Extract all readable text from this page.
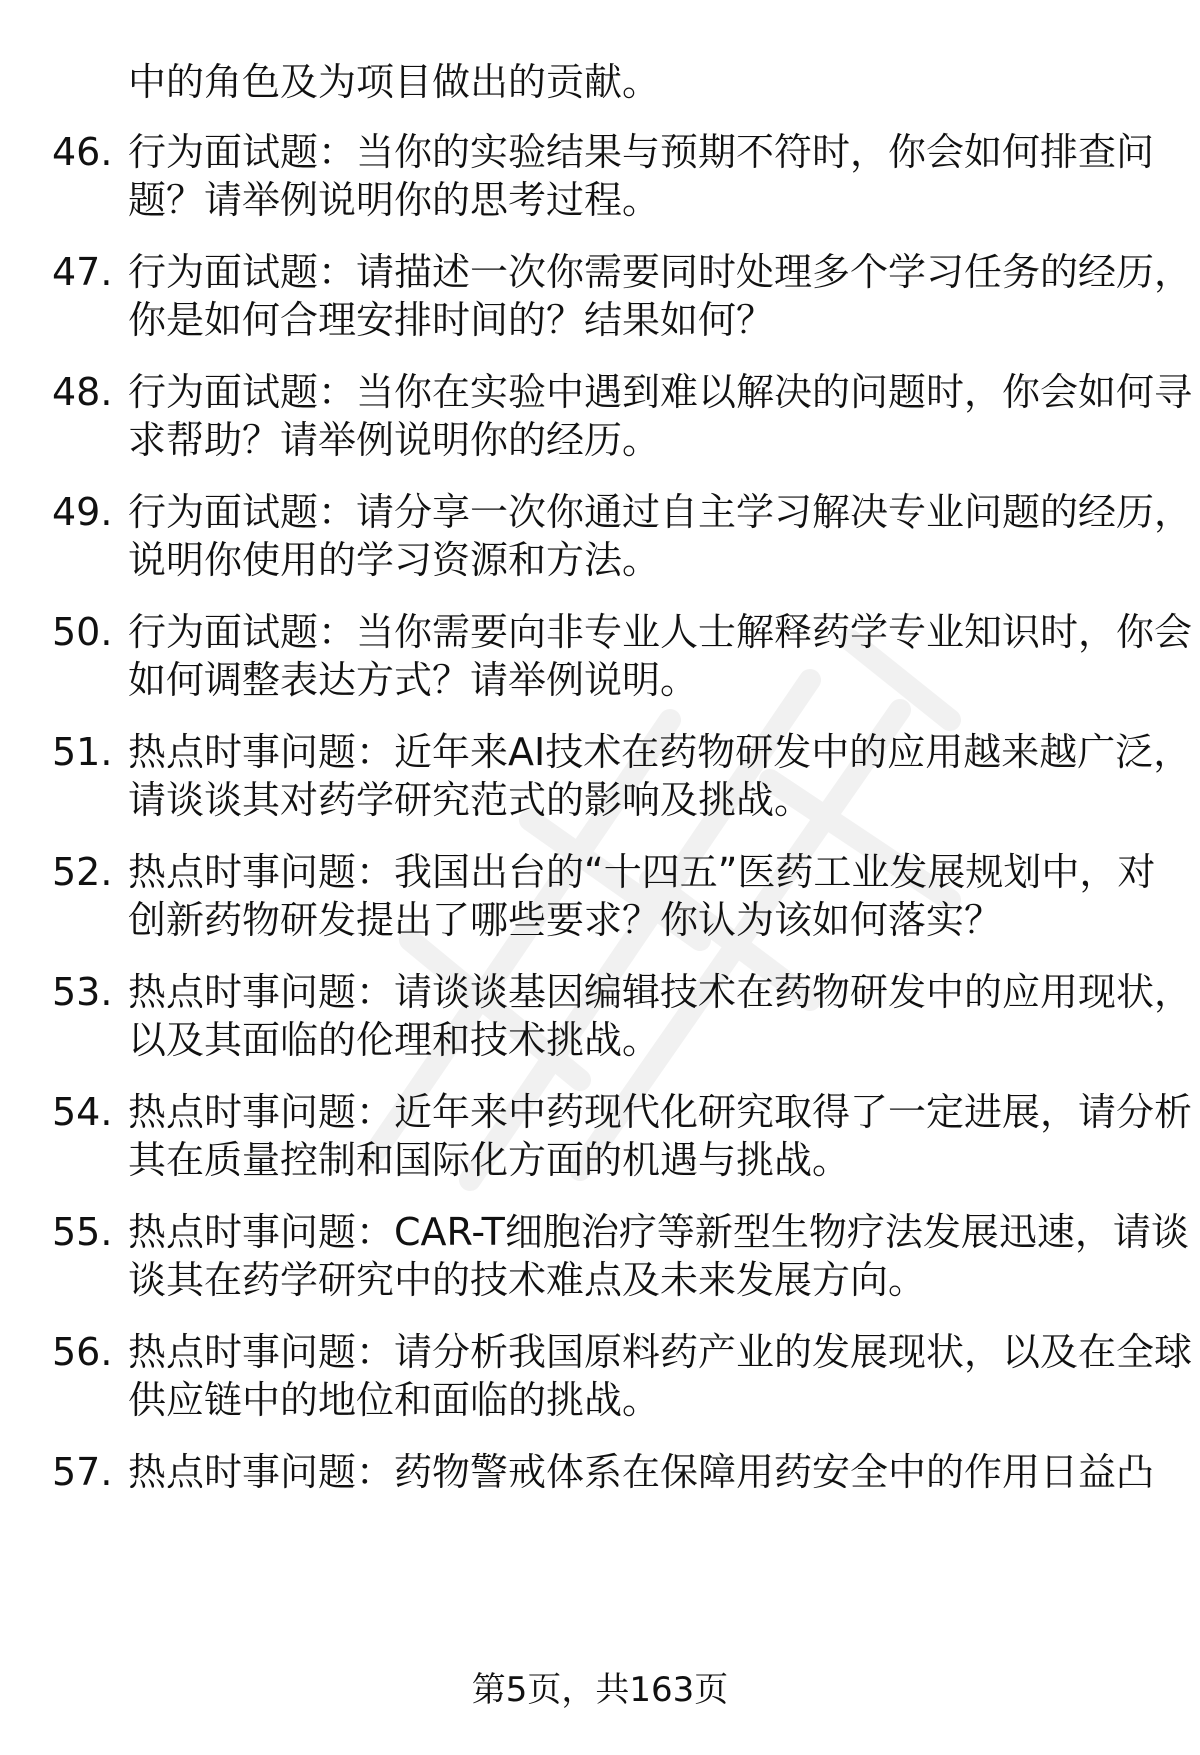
中的角色及为项目做出的贡献。
46. 行为面试题：当你的实验结果与预期不符时，你会如何排查问
题？请举例说明你的思考过程。
47. 行为面试题：请描述一次你需要同时处理多个学习任务的经历，
你是如何合理安排时间的？结果如何？
48. 行为面试题：当你在实验中遇到难以解决的问题时，你会如何寻
求帮助？请举例说明你的经历。
49. 行为面试题：请分享一次你通过自主学习解决专业问题的经历，
说明你使用的学习资源和方法。
50. 行为面试题：当你需要向非专业人士解释药学专业知识时，你会
如何调整表达方式？请举例说明。
51. 热点时事问题：近年来AI技术在药物研发中的应用越来越广泛，
请谈谈其对药学研究范式的影响及挑战。
52. 热点时事问题：我国出台的“十四五”医药工业发展规划中，对
创新药物研发提出了哪些要求？你认为该如何落实？
53. 热点时事问题：请谈谈基因编辑技术在药物研发中的应用现状，
以及其面临的伦理和技术挑战。
54. 热点时事问题：近年来中药现代化研究取得了一定进展，请分析
其在质量控制和国际化方面的机遇与挑战。
55. 热点时事问题：CAR-T细胞治疗等新型生物疗法发展迅速，请谈
谈其在药学研究中的技术难点及未来发展方向。
56. 热点时事问题：请分析我国原料药产业的发展现状，以及在全球
供应链中的地位和面临的挑战。
57. 热点时事问题：药物警戒体系在保障用药安全中的作用日益凸
第5页，共163页
